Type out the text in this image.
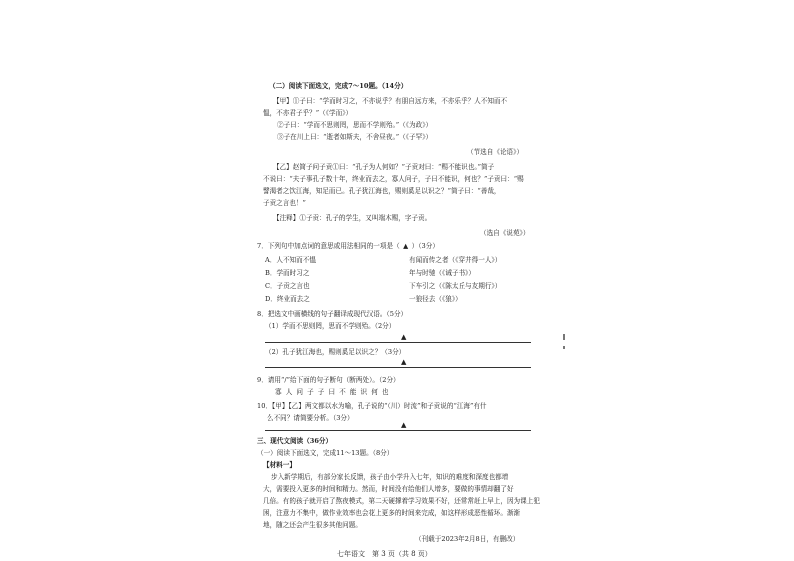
（二）阅读下面选文，完成7～10题。（14分）
【甲】①子曰：“学而时习之，不亦说乎？有朋自远方来，不亦乐乎？人不知而不
愠，不亦君子乎？”（《学而》）
②子曰：“学而不思则罔，思而不学则殆。”（《为政》）
③子在川上曰：“逝者如斯夫，不舍昼夜。”（《子罕》）
（节选自《论语》）
【乙】赵简子问子贡①曰：“孔子为人何如？”子贡对曰：“赐不能识也。”简子
不说曰：“夫子事孔子数十年，终业而去之，寡人问子，子曰不能识，何也？”子贡曰：“赐
譬渴者之饮江海，知足而已。孔子犹江海也，赐则奚足以识之？”简子曰：“善哉，
子贡之言也！”
【注释】①子贡：孔子的学生，又叫端木赐，字子贡。
（选自《说苑》）
7．下列句中加点词的意思或用法相同的一项是（ ▲ ）（3分）
A．人不知而不愠	有闻而传之者（《穿井得一人》）
B．学而时习之	年与时驰（《诫子书》）
C．子贡之言也	下车引之（《陈太丘与友期行》）
D．终业而去之	一狼径去（《狼》）
8．把选文中画横线的句子翻译成现代汉语。（5分）
（1）学而不思则罔，思而不学则殆。（2分）
▲
（2）孔子犹江海也，赐则奚足以识之？（3分）
▲
9．请用“/”给下面的句子断句（断两处）。（2分）
寡 人 问 子 子 曰 不 能 识 何 也
10．【甲】【乙】两文都以水为喻，孔子说的“（川）时流”和子贡说的“江海”有什
么不同？请简要分析。（3分）
▲
三、现代文阅读（36分）
（一）阅读下面选文，完成11～13题。（8分）
【材料一】
步入新学期后，有部分家长反馈，孩子由小学升入七年，知识的难度和深度也都增
大，需要投入更多的时间和精力。然而，时间没有给他们人增多，要做的事情却翻了好
几倍。有的孩子就开启了熬夜模式，第二天硬撑着学习效果不好，还常常赶上早上，因为课上犯
困，注意力不集中，做作业效率也会花上更多的时间来完成，如这样形成恶性循环。渐渐
地，随之还会产生很多其他问题。
（刊载于2023年2月8日，有删改）
七年语文　第 3 页（共 8 页）
